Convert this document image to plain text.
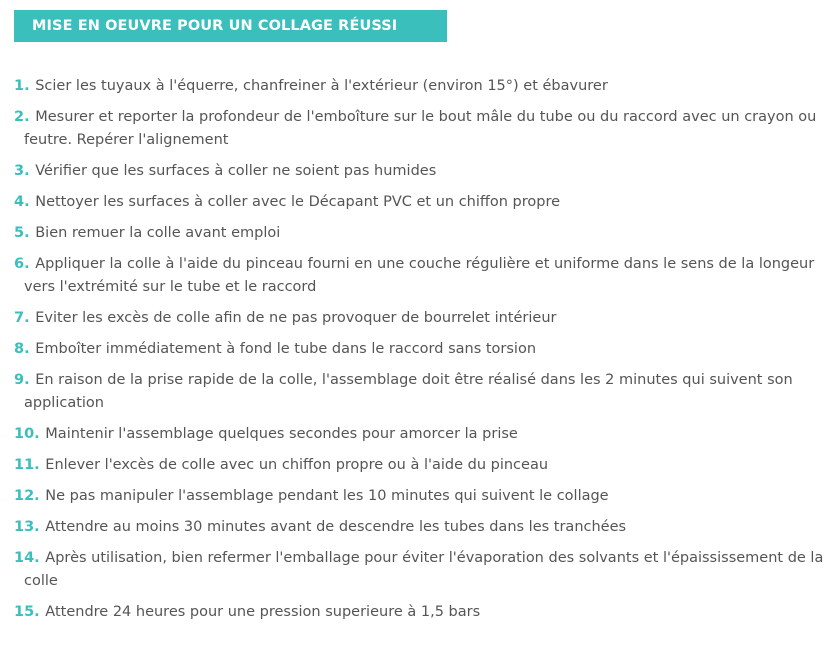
MISE EN OEUVRE POUR UN COLLAGE RÉUSSI
1. Scier les tuyaux à l'équerre, chanfreiner à l'extérieur (environ 15°) et ébavurer
2. Mesurer et reporter la profondeur de l'emboîture sur le bout mâle du tube ou du raccord avec un crayon ou feutre. Repérer l'alignement
3. Vérifier que les surfaces à coller ne soient pas humides
4. Nettoyer les surfaces à coller avec le Décapant PVC et un chiffon propre
5. Bien remuer la colle avant emploi
6. Appliquer la colle à l'aide du pinceau fourni en une couche régulière et uniforme dans le sens de la longeur vers l'extrémité sur le tube et le raccord
7. Eviter les excès de colle afin de ne pas provoquer de bourrelet intérieur
8. Emboîter immédiatement à fond le tube dans le raccord sans torsion
9. En raison de la prise rapide de la colle, l'assemblage doit être réalisé dans les 2 minutes qui suivent son application
10. Maintenir l'assemblage quelques secondes pour amorcer la prise
11. Enlever l'excès de colle avec un chiffon propre ou à l'aide du pinceau
12. Ne pas manipuler l'assemblage pendant les 10 minutes qui suivent le collage
13. Attendre au moins 30 minutes avant de descendre les tubes dans les tranchées
14. Après utilisation, bien refermer l'emballage pour éviter l'évaporation des solvants et l'épaississement de la colle
15. Attendre 24 heures pour une pression superieure à 1,5 bars
